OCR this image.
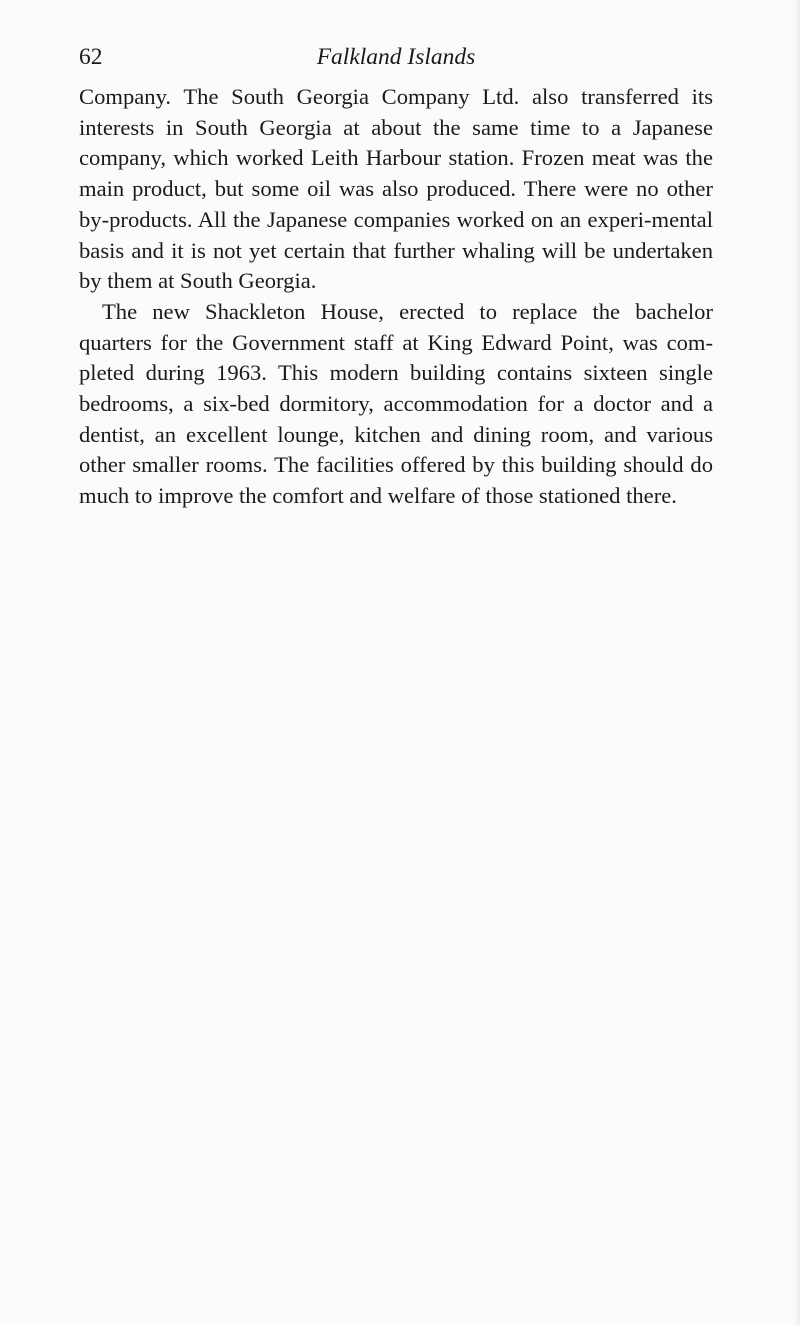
62	Falkland Islands

Company. The South Georgia Company Ltd. also transferred its interests in South Georgia at about the same time to a Japanese company, which worked Leith Harbour station. Frozen meat was the main product, but some oil was also produced. There were no other by-products. All the Japanese companies worked on an experi-mental basis and it is not yet certain that further whaling will be undertaken by them at South Georgia.

The new Shackleton House, erected to replace the bachelor quarters for the Government staff at King Edward Point, was com-pleted during 1963. This modern building contains sixteen single bedrooms, a six-bed dormitory, accommodation for a doctor and a dentist, an excellent lounge, kitchen and dining room, and various other smaller rooms. The facilities offered by this building should do much to improve the comfort and welfare of those stationed there.
